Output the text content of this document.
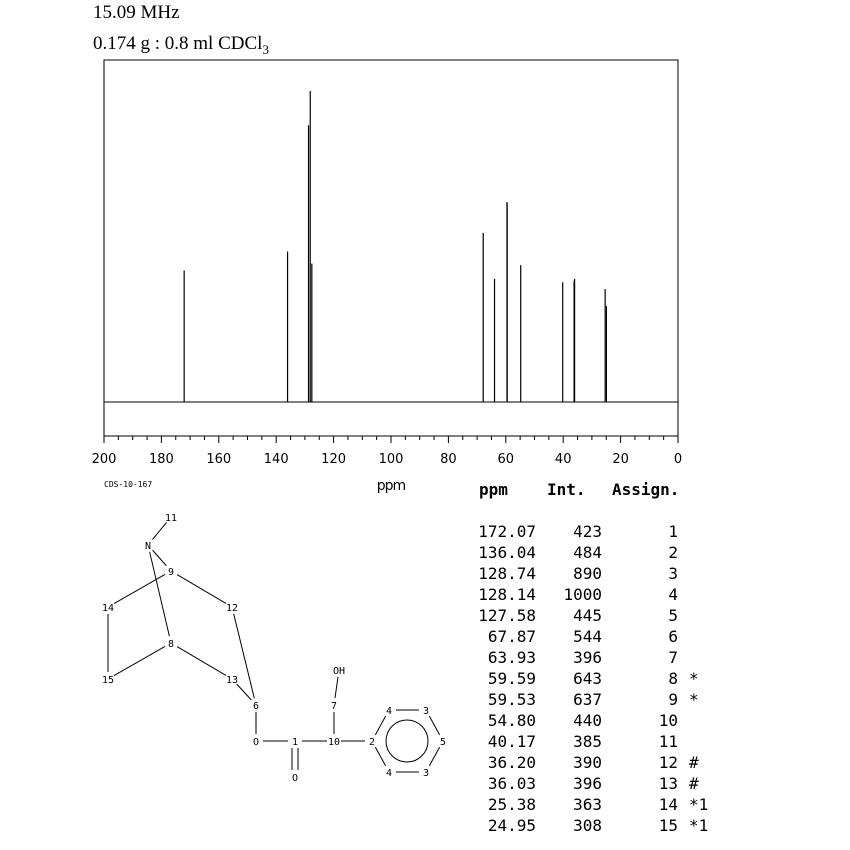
15.09 MHz
0.174 g : 0.8 ml CDCl$_3$
200	180	160	140	120	100	80	60	40	20	0
ppm
CDS-10-167
1	2	5
6	7
8
9
10
11
12
13
14
15
N
O
O
OH
4	3
3
4
ppm Int. Assign.
172.07 423	1
136.04 484	2
128.74 890	3
128.14 1000	4
127.58 445	5
67.87 544	6
63.93 396	7
59.59 643	8 *
59.53 637	9 *
54.80 440	10
40.17 385	11
36.20 390	12 #
36.03 396	13 #
25.38 363	14 *1
24.95 308	15 *1
